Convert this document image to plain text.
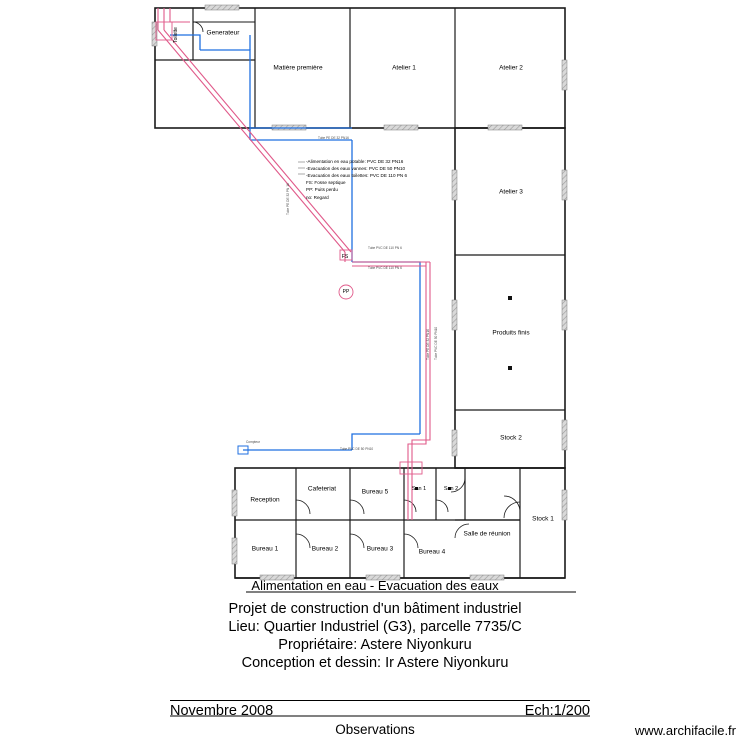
Toilette	Generateur
Matière première	Atelier 1	Atelier 2
Atelier 3
Produits finis
Stock 2
Stock 1
Reception
Cafeteriat	Bureau 5	San 1	San 2
Bureau 1	Bureau 2	Bureau 3	Bureau 4
Salle de réunion
FS
PP
-Alimentation en eau potable: PVC DE 32 PN16
-Evacuation des eaux vannes: PVC DE 50 PN10
-Evacuation des eaux toilettes: PVC DE 110 PN 6
FS: Fosse septique
PP: Puits perdu
no: Regard
Tube PE DE 32 PN16
Tube PVC DE 110 PN 6
Tube PVC DE 110 PN 6
Tube PVC DE 50 PN10
Tube PE DE 32 PN16 Tube PVC DE 50 PN10
Tube PE DE 32 PN 16
Compteur
Alimentation en eau - Evacuation des eaux

Projet de construction d'un bâtiment industriel

Lieu: Quartier Industriel (G3), parcelle 7735/C

Propriétaire: Astere Niyonkuru

Conception et dessin: Ir Astere Niyonkuru

Novembre 2008	Ech:1/200
Observations	www.archifacile.fr
